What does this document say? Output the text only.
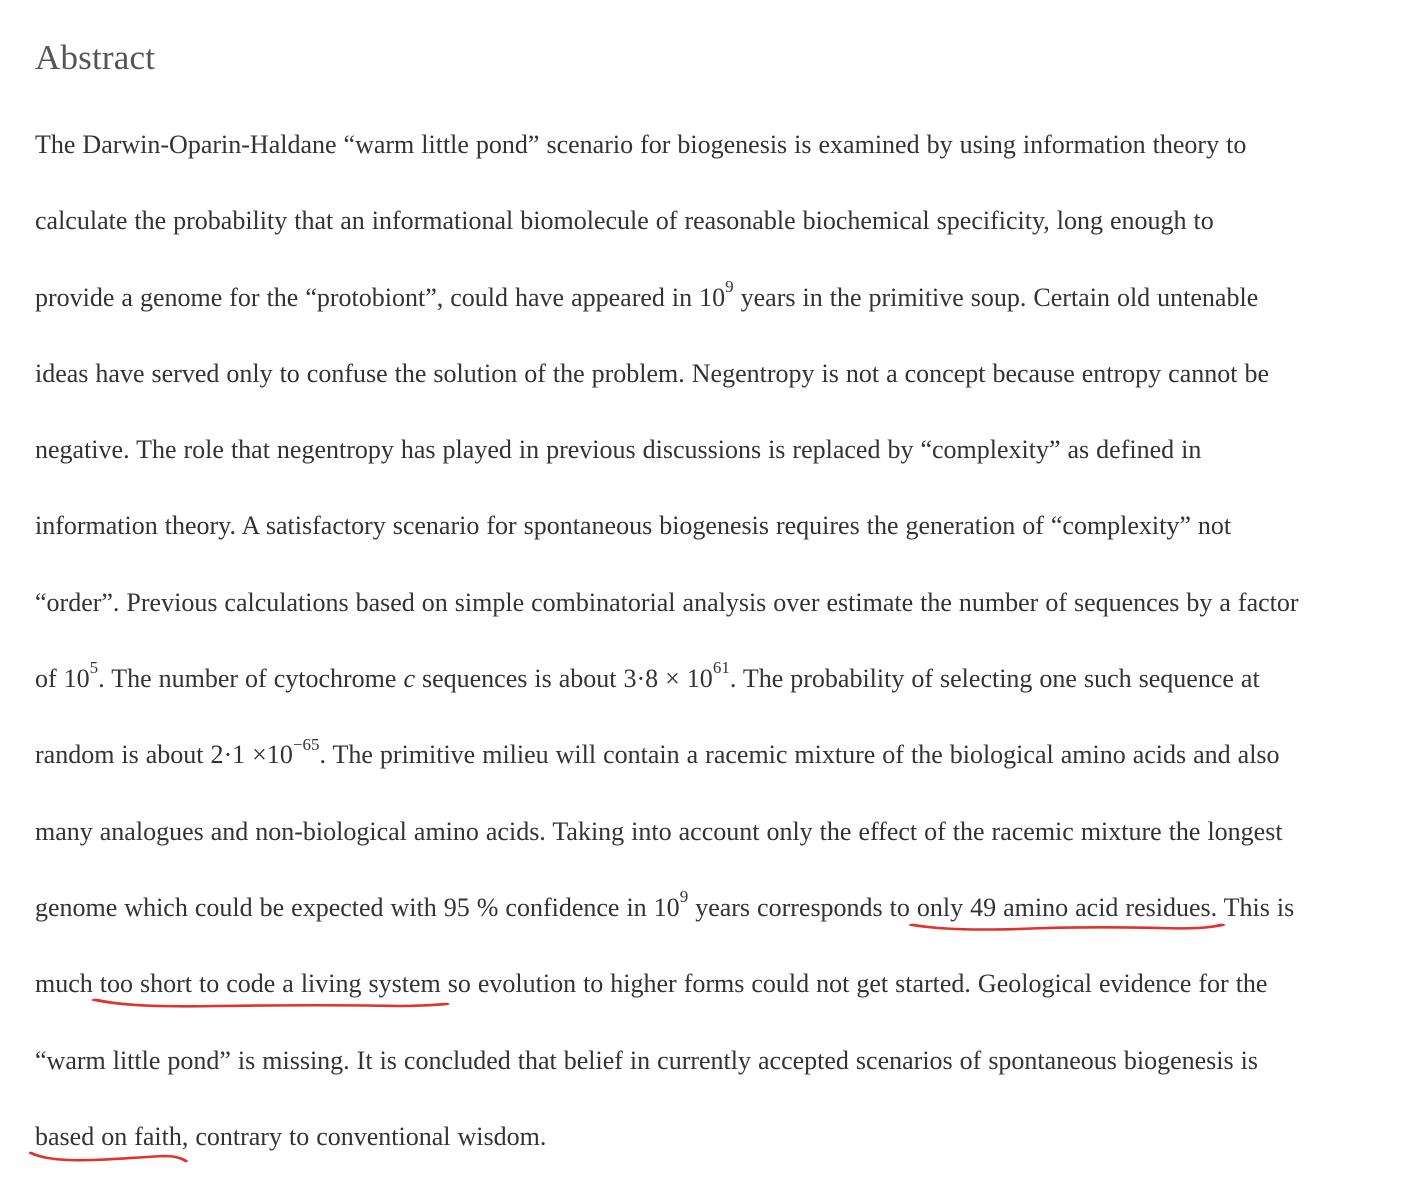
Abstract
The Darwin-Oparin-Haldane “warm little pond” scenario for biogenesis is examined by using information theory to
calculate the probability that an informational biomolecule of reasonable biochemical specificity, long enough to
provide a genome for the “protobiont”, could have appeared in $10^9$ years in the primitive soup. Certain old untenable
ideas have served only to confuse the solution of the problem. Negentropy is not a concept because entropy cannot be
negative. The role that negentropy has played in previous discussions is replaced by “complexity” as defined in
information theory. A satisfactory scenario for spontaneous biogenesis requires the generation of “complexity” not
“order”. Previous calculations based on simple combinatorial analysis over estimate the number of sequences by a factor
of $10^5$. The number of cytochrome c sequences is about $3\cdot 8 \times 10^{61}$. The probability of selecting one such sequence at
random is about $2\cdot 1 \times 10^{-65}$. The primitive milieu will contain a racemic mixture of the biological amino acids and also
many analogues and non-biological amino acids. Taking into account only the effect of the racemic mixture the longest
genome which could be expected with 95 % confidence in $10^9$ years corresponds to only 49 amino acid residues.
This is
much too short to code a living system
so evolution to higher forms could not get started. Geological evidence for the
“warm little pond” is missing. It is concluded that belief in currently accepted scenarios of spontaneous biogenesis is
based on faith
, contrary to conventional wisdom.
